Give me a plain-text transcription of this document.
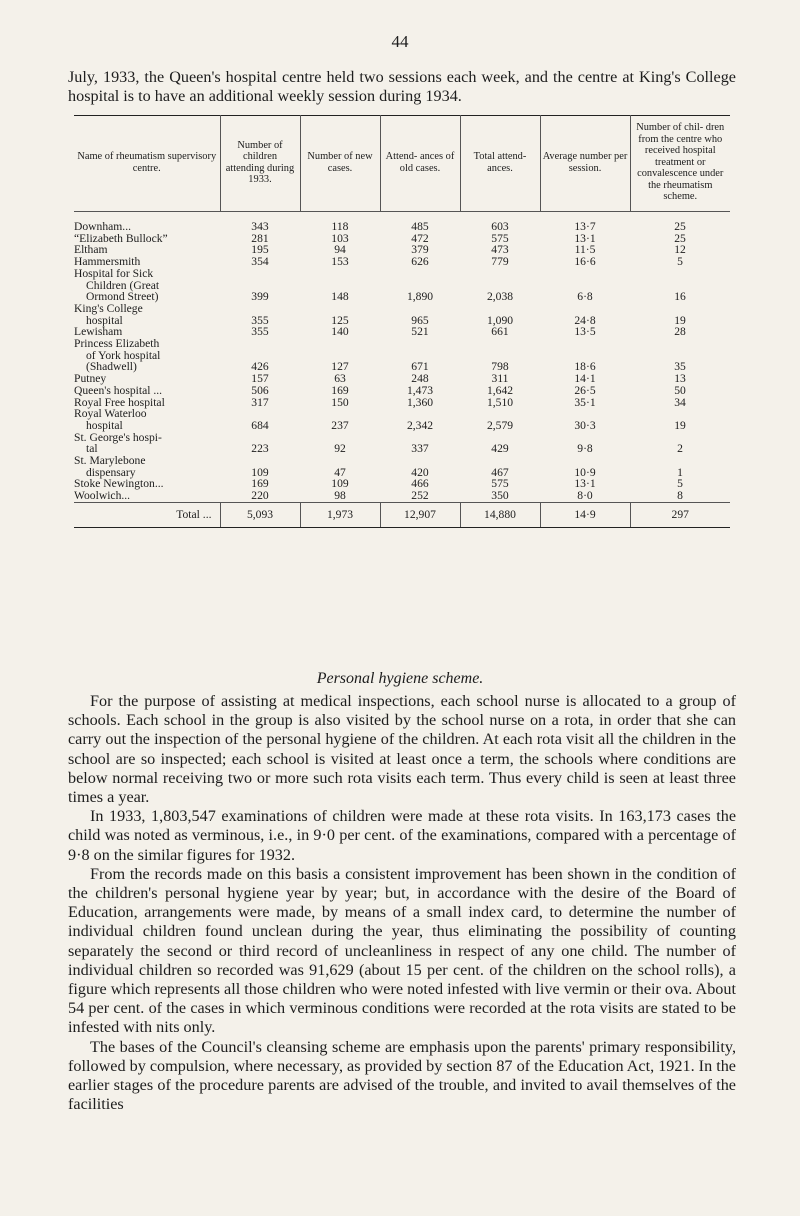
44
July, 1933, the Queen's hospital centre held two sessions each week, and the centre at King's College hospital is to have an additional weekly session during 1934.
Name of rheumatism supervisory centre.	Number of children attending during 1933.	Number of new cases.	Attend- ances of old cases.	Total attend- ances.	Average number per session.	Number of chil- dren from the centre who received hospital treatment or convalescence under the rheumatism scheme.

Downham...	343	118	485	603	13·7	25

“Elizabeth Bullock”	281	103	472	575	13·1	25

Eltham	195	94	379	473	11·5	12

Hammersmith	354	153	626	779	16·6	5

Hospital for Sick
Children (Great
Ormond Street)	399	148	1,890	2,038	6·8	16

King's College
hospital	355	125	965	1,090	24·8	19

Lewisham	355	140	521	661	13·5	28

Princess Elizabeth
of York hospital
(Shadwell)	426	127	671	798	18·6	35

Putney	157	63	248	311	14·1	13

Queen's hospital ...	506	169	1,473	1,642	26·5	50

Royal Free hospital	317	150	1,360	1,510	35·1	34

Royal Waterloo
hospital	684	237	2,342	2,579	30·3	19

St. George's hospi-
tal	223	92	337	429	9·8	2

St. Marylebone
dispensary	109	47	420	467	10·9	1

Stoke Newington...	169	109	466	575	13·1	5

Woolwich...	220	98	252	350	8·0	8
Total ...	5,093	1,973	12,907	14,880	14·9	297
Personal hygiene scheme.

For the purpose of assisting at medical inspections, each school nurse is allocated to a group of schools. Each school in the group is also visited by the school nurse on a rota, in order that she can carry out the inspection of the personal hygiene of the children. At each rota visit all the children in the school are so inspected; each school is visited at least once a term, the schools where conditions are below normal receiving two or more such rota visits each term. Thus every child is seen at least three times a year.

In 1933, 1,803,547 examinations of children were made at these rota visits. In 163,173 cases the child was noted as verminous, i.e., in 9·0 per cent. of the examinations, compared with a percentage of 9·8 on the similar figures for 1932.

From the records made on this basis a consistent improvement has been shown in the condition of the children's personal hygiene year by year; but, in accordance with the desire of the Board of Education, arrangements were made, by means of a small index card, to determine the number of individual children found unclean during the year, thus eliminating the possibility of counting separately the second or third record of uncleanliness in respect of any one child. The number of individual children so recorded was 91,629 (about 15 per cent. of the children on the school rolls), a figure which represents all those children who were noted infested with live vermin or their ova. About 54 per cent. of the cases in which verminous conditions were recorded at the rota visits are stated to be infested with nits only.

The bases of the Council's cleansing scheme are emphasis upon the parents' primary responsibility, followed by compulsion, where necessary, as provided by section 87 of the Education Act, 1921. In the earlier stages of the procedure parents are advised of the trouble, and invited to avail themselves of the facilities
